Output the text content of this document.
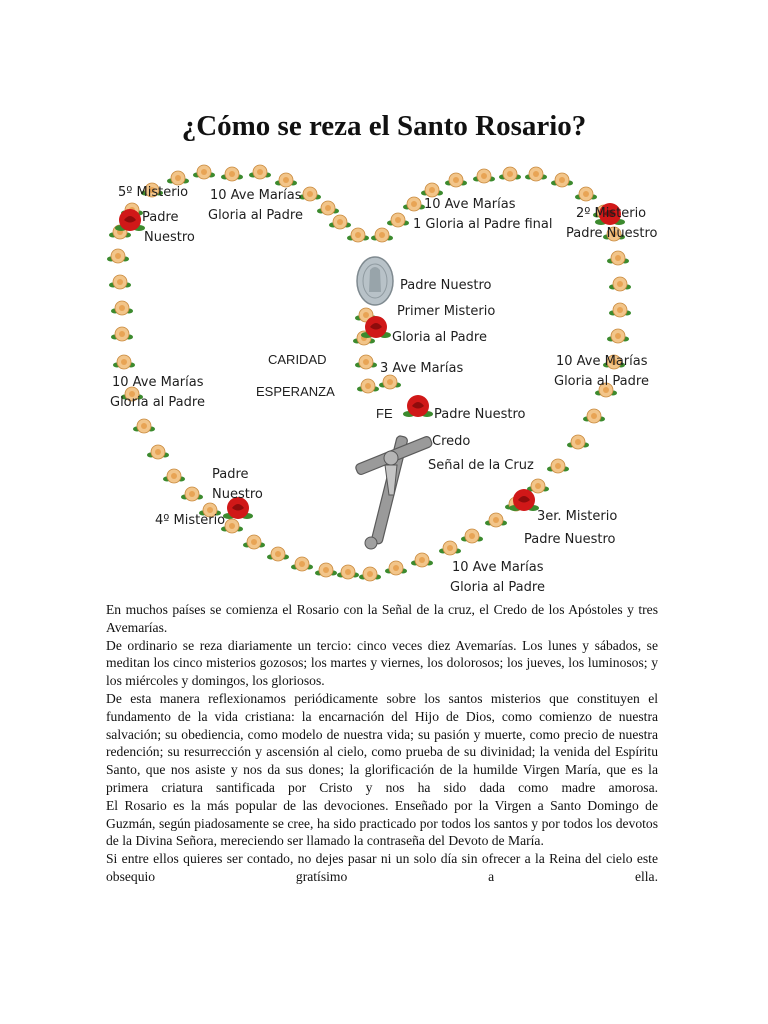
¿Cómo se reza el Santo Rosario?
5º Misterio
Padre
Nuestro
10 Ave Marías
Gloria al Padre
10 Ave Marías
1 Gloria al Padre final
2º Misterio
Padre Nuestro
Padre Nuestro
Primer Misterio
Gloria al Padre
CARIDAD
3 Ave Marías
10 Ave Marías
Gloria al Padre
10 Ave Marías
Gloria al Padre
ESPERANZA
FE	Padre Nuestro
Credo
Señal de la Cruz
Padre
Nuestro
4º Misterio	3er. Misterio
Padre Nuestro
10 Ave Marías
Gloria al Padre

En muchos países se comienza el Rosario con la Señal de la cruz, el Credo de los Apóstoles y tres Avemarías.

De ordinario se reza diariamente un tercio: cinco veces diez Avemarías. Los lunes y sábados, se meditan los cinco misterios gozosos; los martes y viernes, los dolorosos; los jueves, los luminosos; y los miércoles y domingos, los gloriosos.

De esta manera reflexionamos periódicamente sobre los santos misterios que constituyen el fundamento de la vida cristiana: la encarnación del Hijo de Dios, como comienzo de nuestra salvación; su obediencia, como modelo de nuestra vida; su pasión y muerte, como precio de nuestra redención; su resurrección y ascensión al cielo, como prueba de su divinidad; la venida del Espíritu Santo, que nos asiste y nos da sus dones; la glorificación de la humilde Virgen María, que es la primera criatura santificada por Cristo y nos ha sido dada como madre amorosa.

El Rosario es la más popular de las devociones. Enseñado por la Virgen a Santo Domingo de Guzmán, según piadosamente se cree, ha sido practicado por todos los santos y por todos los devotos de la Divina Señora, mereciendo ser llamado la contraseña del Devoto de María.

Si entre ellos quieres ser contado, no dejes pasar ni un solo día sin ofrecer a la Reina del cielo este obsequio gratísimo a ella.
